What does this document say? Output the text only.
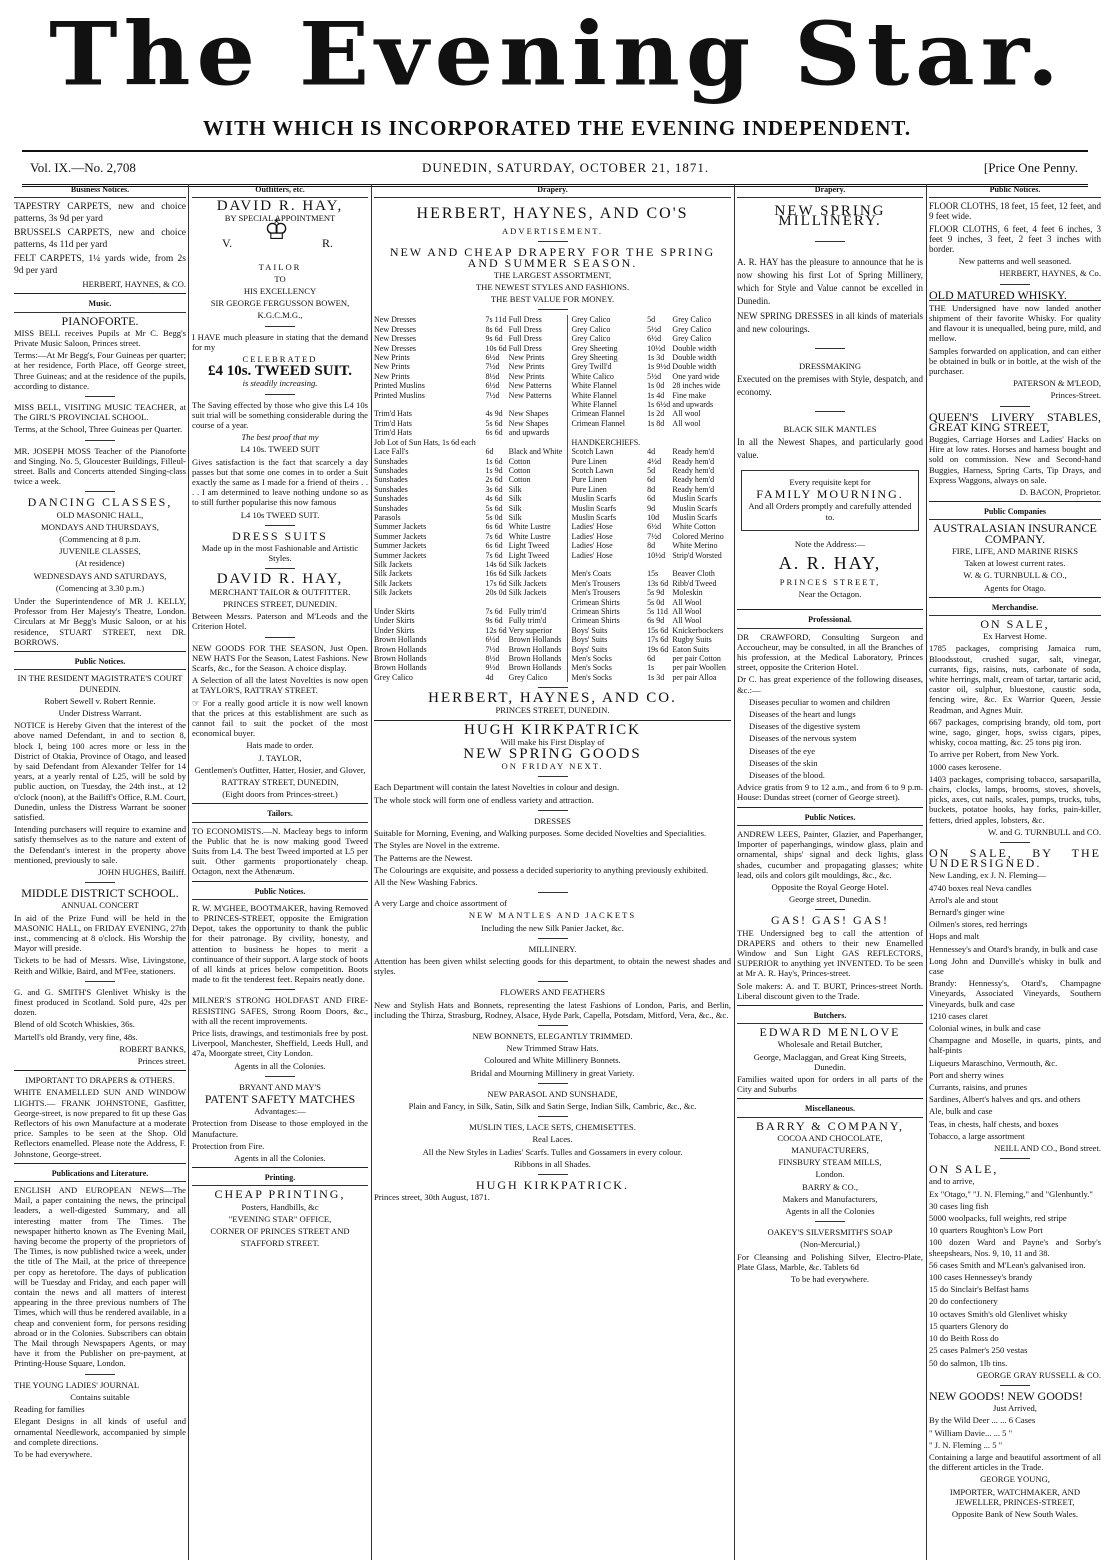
The Evening Star.
WITH WHICH IS INCORPORATED THE EVENING INDEPENDENT.
Vol. IX.—No. 2,708	DUNEDIN, SATURDAY, OCTOBER 21, 1871.	[Price One Penny.
Business Notices.

TAPESTRY CARPETS, new and choice patterns, 3s 9d per yard

BRUSSELS CARPETS, new and choice patterns, 4s 11d per yard

FELT CARPETS, 1¼ yards wide, from 2s 9d per yard

HERBERT, HAYNES, & CO.

Music.

PIANOFORTE.

MISS BELL receives Pupils at Mr C. Begg's Private Music Saloon, Princes street.

Terms:—At Mr Begg's, Four Guineas per quarter; at her residence, Forth Place, off George street, Three Guineas; and at the residence of the pupils, according to distance.

MISS BELL, VISITING MUSIC TEACHER, at The GIRL'S PROVINCIAL SCHOOL.

Terms, at the School, Three Guineas per Quarter.

MR. JOSEPH MOSS Teacher of the Pianoforte and Singing. No. 5, Gloucester Buildings, Filleul-street. Balls and Concerts attended Singing-class twice a week.

DANCING CLASSES,

OLD MASONIC HALL,

MONDAYS AND THURSDAYS,

(Commencing at 8 p.m.

JUVENILE CLASSES,

(At residence)

WEDNESDAYS AND SATURDAYS,

(Comencing at 3.30 p.m.)

Under the Superintendence of MR J. KELLY, Professor from Her Majesty's Theatre, London. Circulars at Mr Begg's Music Saloon, or at his residence, STUART STREET, next DR. BORROWS.

Public Notices.

IN THE RESIDENT MAGISTRATE'S COURT DUNEDIN.

Robert Sewell v. Robert Rennie.

Under Distress Warrant.

NOTICE is Hereby Given that the interest of the above named Defendant, in and to section 8, block I, being 100 acres more or less in the District of Otakia, Province of Otago, and leased by said Defendant from Alexander Telfer for 14 years, at a yearly rental of L25, will be sold by public auction, on Tuesday, the 24th inst., at 12 o'clock (noon), at the Bailiff's Office, R.M. Court, Dunedin, unless the Distress Warrant be sooner satisfied.

Intending purchasers will require to examine and satisfy themselves as to the nature and extent of the Defendant's interest in the property above mentioned, previously to sale.

JOHN HUGHES, Bailiff.

MIDDLE DISTRICT SCHOOL.

ANNUAL CONCERT

In aid of the Prize Fund will be held in the MASONIC HALL, on FRIDAY EVENING, 27th inst., commencing at 8 o'clock. His Worship the Mayor will preside.

Tickets to be had of Messrs. Wise, Livingstone, Reith and Wilkie, Baird, and M'Fee, stationers.

G. and G. SMITH'S Glenlivet Whisky is the finest produced in Scotland. Sold pure, 42s per dozen.

Blend of old Scotch Whiskies, 36s.

Martell's old Brandy, very fine, 48s.

ROBERT BANKS,

Princes street.

IMPORTANT TO DRAPERS & OTHERS.

WHITE ENAMELLED SUN AND WINDOW LIGHTS.— FRANK JOHNSTONE, Gasfitter, George-street, is now prepared to fit up these Gas Reflectors of his own Manufacture at a moderate price. Samples to be seen at the Shop. Old Reflectors enamelled. Please note the Address, F. Johnstone, George-street.

Publications and Literature.

ENGLISH AND EUROPEAN NEWS—The Mail, a paper containing the news, the principal leaders, a well-digested Summary, and all interesting matter from The Times. The newspaper hitherto known as The Evening Mail, having become the property of the proprietors of The Times, is now published twice a week, under the title of The Mail, at the price of threepence per copy as heretofore. The days of publication will be Tuesday and Friday, and each paper will contain the news and all matters of interest appearing in the three previous numbers of The Times, which will thus be rendered available, in a cheap and convenient form, for persons residing abroad or in the Colonies. Subscribers can obtain The Mail through Newspapers Agents, or may have it from the Publisher on pre-payment, at Printing-House Square, London.

THE YOUNG LADIES' JOURNAL

Contains suitable

Reading for families

Elegant Designs in all kinds of useful and ornamental Needlework, accompanied by simple and complete directions.

To be had everywhere.

Outfitters, etc.

DAVID R. HAY,

BY SPECIAL APPOINTMENT

V. ♔	R.

TAILOR

TO

HIS EXCELLENCY

SIR GEORGE FERGUSSON BOWEN,

K.G.C.M.G.,

I HAVE much pleasure in stating that the demand for my

CELEBRATED

£4 10s. TWEED SUIT.

is steadily increasing.

The Saving effected by those who give this L4 10s suit trial will be something considerable during the course of a year.

The best proof that my

L4 10s. TWEED SUIT

Gives satisfaction is the fact that scarcely a day passes but that some one comes in to order a Suit exactly the same as I made for a friend of theirs . . . . I am determined to leave nothing undone so as to still further popularise this now famous

L4 10s TWEED SUIT.

DRESS SUITS

Made up in the most Fashionable and Artistic Styles.

DAVID R. HAY,

MERCHANT TAILOR & OUTFITTER.

PRINCES STREET, DUNEDIN.

Between Messrs. Paterson and M'Leods and the Criterion Hotel.

NEW GOODS FOR THE SEASON, Just Open. NEW HATS For the Season, Latest Fashions. New Scarfs, &c., for the Season. A choice display.

A Selection of all the latest Novelties is now open at TAYLOR'S, RATTRAY STREET.

☞ For a really good article it is now well known that the prices at this establishment are such as cannot fail to suit the pocket of the most economical buyer.

Hats made to order.

J. TAYLOR,

Gentlemen's Outfitter, Hatter, Hosier, and Glover,

RATTRAY STREET, DUNEDIN,

(Eight doors from Princes-street.)

Tailors.

TO ECONOMISTS.—N. Macleay begs to inform the Public that he is now making good Tweed Suits from L4. The best Tweed imported at L5 per suit. Other garments proportionately cheap. Octagon, next the Athenæum.

Public Notices.

R. W. M'GHEE, BOOTMAKER, having Removed to PRINCES-STREET, opposite the Emigration Depot, takes the opportunity to thank the public for their patronage. By civility, honesty, and attention to business he hopes to merit a continuance of their support. A large stock of boots of all kinds at prices below competition. Boots made to fit the tenderest feet. Repairs neatly done.

MILNER'S STRONG HOLDFAST AND FIRE-RESISTING SAFES, Strong Room Doors, &c., with all the recent improvements.

Price lists, drawings, and testimonials free by post. Liverpool, Manchester, Sheffield, Leeds Hull, and 47a, Moorgate street, City London.

Agents in all the Colonies.

BRYANT AND MAY'S

PATENT SAFETY MATCHES

Advantages:—

Protection from Disease to those employed in the Manufacture.

Protection from Fire.

Agents in all the Colonies.

Printing.

CHEAP PRINTING,

Posters, Handbills, &c

"EVENING STAR" OFFICE,

CORNER OF PRINCES STREET AND

STAFFORD STREET.

Drapery.

HERBERT, HAYNES, AND CO'S

ADVERTISEMENT.

NEW AND CHEAP DRAPERY FOR THE SPRING AND SUMMER SEASON.

THE LARGEST ASSORTMENT,

THE NEWEST STYLES AND FASHIONS.

THE BEST VALUE FOR MONEY.

New Dresses	7s 11d	Full Dress	Grey Calico	5d	Grey Calico
New Dresses	8s 6d	Full Dress	Grey Calico	5½d	Grey Calico
New Dresses	9s 6d	Full Dress	Grey Calico	6½d	Grey Calico
New Dresses	10s 6d	Full Dress	Grey Sheeting	10½d	Double width
New Prints	6½d	New Prints	Grey Sheeting	1s 3d	Double width
New Prints	7½d	New Prints	Grey Twill'd	1s 9½d	Double width
New Prints	8½d	New Prints	White Calico	5½d	One yard wide
Printed Muslins	6½d	New Patterns	White Flannel	1s 0d	28 inches wide
Printed Muslins	7½d	New Patterns	White Flannel	1s 4d	Fine make
			White Flannel	1s 6½d	and upwards
Trim'd Hats	4s 9d	New Shapes	Crimean Flannel	1s 2d	All wool
Trim'd Hats	5s 6d	New Shapes	Crimean Flannel	1s 8d	All wool
Trim'd Hats	6s 6d	and upwards			
Job Lot of Sun Hats, 1s 6d each			HANDKERCHIEFS.		
Lace Fall's	6d	Black and White	Scotch Lawn	4d	Ready hem'd
Sunshades	1s 6d	Cotton	Pure Linen	4½d	Ready hem'd
Sunshades	1s 9d	Cotton	Scotch Lawn	5d	Ready hem'd
Sunshades	2s 6d	Cotton	Pure Linen	6d	Ready hem'd
Sunshades	3s 6d	Silk	Pure Linen	8d	Ready hem'd
Sunshades	4s 6d	Silk	Muslin Scarfs	6d	Muslin Scarfs
Sunshades	5s 6d	Silk	Muslin Scarfs	9d	Muslin Scarfs
Parasols	5s 0d	Silk	Muslin Scarfs	10d	Muslin Scarfs
Summer Jackets	6s 6d	White Lustre	Ladies' Hose	6½d	White Cotton
Summer Jackets	7s 6d	White Lustre	Ladies' Hose	7½d	Colored Merino
Summer Jackets	6s 6d	Light Tweed	Ladies' Hose	8d	White Merino
Summer Jackets	7s 6d	Light Tweed	Ladies' Hose	10½d	Strip'd Worsted
Silk Jackets	14s 6d	Silk Jackets			
Silk Jackets	16s 6d	Silk Jackets	Men's Coats	15s	Beaver Cloth
Silk Jackets	17s 6d	Silk Jackets	Men's Trousers	13s 6d	Ribb'd Tweed
Silk Jackets	20s 0d	Silk Jackets	Men's Trousers	5s 9d	Moleskin
			Crimean Shirts	5s 0d	All Wool
Under Skirts	7s 6d	Fully trim'd	Crimean Shirts	5s 11d	All Wool
Under Skirts	9s 6d	Fully trim'd	Crimean Shirts	6s 9d	All Wool
Under Skirts	12s 6d	Very superior	Boys' Suits	15s 6d	Knickerbockers
Brown Hollands	6½d	Brown Hollands	Boys' Suits	17s 6d	Rugby Suits
Brown Hollands	7½d	Brown Hollands	Boys' Suits	19s 6d	Eaton Suits
Brown Hollands	8½d	Brown Hollands	Men's Socks	6d	per pair Cotton
Brown Hollands	9½d	Brown Hollands	Men's Socks	1s	per pair Woollen
Grey Calico	4d	Grey Calico	Men's Socks	1s 3d	per pair Alloa

HERBERT, HAYNES, AND CO.

PRINCES STREET, DUNEDIN.

HUGH KIRKPATRICK

Will make his First Display of

NEW SPRING GOODS

ON FRIDAY NEXT.

Each Department will contain the latest Novelties in colour and design.

The whole stock will form one of endless variety and attraction.

DRESSES

Suitable for Morning, Evening, and Walking purposes. Some decided Novelties and Specialities.

The Styles are Novel in the extreme.

The Patterns are the Newest.

The Colourings are exquisite, and possess a decided superiority to anything previously exhibited.

All the New Washing Fabrics.

A very Large and choice assortment of

NEW MANTLES AND JACKETS

Including the new Silk Panier Jacket, &c.

MILLINERY.

Attention has been given whilst selecting goods for this department, to obtain the newest shades and styles.

FLOWERS AND FEATHERS

New and Stylish Hats and Bonnets, representing the latest Fashions of London, Paris, and Berlin, including the Thirza, Strasburg, Rodney, Alsace, Hyde Park, Capella, Potsdam, Mitford, Vera, &c., &c.

NEW BONNETS, ELEGANTLY TRIMMED.

New Trimmed Straw Hats.

Coloured and White Millinery Bonnets.

Bridal and Mourning Millinery in great Variety.

NEW PARASOL AND SUNSHADE,

Plain and Fancy, in Silk, Satin, Silk and Satin Serge, Indian Silk, Cambric, &c., &c.

MUSLIN TIES, LACE SETS, CHEMISETTES.

Real Laces.

All the New Styles in Ladies' Scarfs. Tulles and Gossamers in every colour.

Ribbons in all Shades.

HUGH KIRKPATRICK.

Princes street, 30th August, 1871.

Drapery.

NEW SPRING MILLINERY.

A. R. HAY has the pleasure to announce that he is now showing his first Lot of Spring Millinery, which for Style and Value cannot be excelled in Dunedin.

NEW SPRING DRESSES in all kinds of materials and new colourings.

DRESSMAKING

Executed on the premises with Style, despatch, and economy.

BLACK SILK MANTLES

In all the Newest Shapes, and particularly good value.

Every requisite kept for

FAMILY MOURNING.

And all Orders promptly and carefully attended to.

Note the Address:—

A. R. HAY,

PRINCES STREET,

Near the Octagon.

Professional.

DR CRAWFORD, Consulting Surgeon and Accoucheur, may be consulted, in all the Branches of his profession, at the Medical Laboratory, Princes street, opposite the Criterion Hotel.

Dr C. has great experience of the following diseases, &c.:—

Diseases peculiar to women and children

Diseases of the heart and lungs

Diseases of the digestive system

Diseases of the nervous system

Diseases of the eye

Diseases of the skin

Diseases of the blood.

Advice gratis from 9 to 12 a.m., and from 6 to 9 p.m. House: Dundas street (corner of George street).

Public Notices.

ANDREW LEES, Painter, Glazier, and Paperhanger, Importer of paperhangings, window glass, plain and ornamental, ships' signal and deck lights, glass shades, cucumber and propagating glasses; white lead, oils and colors gilt mouldings, &c., &c.

Opposite the Royal George Hotel.

George street, Dunedin.

GAS! GAS! GAS!

THE Undersigned beg to call the attention of DRAPERS and others to their new Enamelled Window and Sun Light GAS REFLECTORS, SUPERIOR to anything yet INVENTED. To be seen at Mr A. R. Hay's, Princes-street.

Sole makers: A. and T. BURT, Princes-street North. Liberal discount given to the Trade.

Butchers.

EDWARD MENLOVE

Wholesale and Retail Butcher,

George, Maclaggan, and Great King Streets, Dunedin.

Families waited upon for orders in all parts of the City and Suburbs

Miscellaneous.

BARRY & COMPANY,

COCOA AND CHOCOLATE,

MANUFACTURERS,

FINSBURY STEAM MILLS,

London.

BARRY & CO.,

Makers and Manufacturers,

Agents in all the Colonies

OAKEY'S SILVERSMITH'S SOAP

(Non-Mercurial,)

For Cleansing and Polishing Silver, Electro-Plate, Plate Glass, Marble, &c. Tablets 6d

To be had everywhere.

Public Notices.

FLOOR CLOTHS, 18 feet, 15 feet, 12 feet, and 9 feet wide.

FLOOR CLOTHS, 6 feet, 4 feet 6 inches, 3 feet 9 inches, 3 feet, 2 feet 3 inches with border.

New patterns and well seasoned.

HERBERT, HAYNES, & Co.

OLD MATURED WHISKY.

THE Undersigned have now landed another shipment of their favorite Whisky. For quality and flavour it is unequalled, being pure, mild, and mellow.

Samples forwarded on application, and can either be obtained in bulk or in bottle, at the wish of the purchaser.

PATERSON & M'LEOD,

Princes-Street.

QUEEN'S LIVERY STABLES, GREAT KING STREET,

Buggies, Carriage Horses and Ladies' Hacks on Hire at low rates. Horses and harness bought and sold on commission. New and Second-hand Buggies, Harness, Spring Carts, Tip Drays, and Express Waggons, always on sale.

D. BACON, Proprietor.

Public Companies

AUSTRALASIAN INSURANCE COMPANY.

FIRE, LIFE, AND MARINE RISKS

Taken at lowest current rates.

W. & G. TURNBULL & CO.,

Agents for Otago.

Merchandise.

ON SALE,

Ex Harvest Home.

1785 packages, comprising Jamaica rum, Bloodsstout, crushed sugar, salt, vinegar, currants, figs, raisins, nuts, carbonate of soda, white herrings, malt, cream of tartar, tartaric acid, castor oil, sulphur, bluestone, caustic soda, fencing wire, &c. Ex Warrior Queen, Jessie Readman, and Agnes Muir.

667 packages, comprising brandy, old tom, port wine, sago, ginger, hops, swiss cigars, pipes, whisky, cocoa matting, &c. 25 tons pig iron.

To arrive per Robert, from New York.

1000 cases kerosene.

1403 packages, comprising tobacco, sarsaparilla, chairs, clocks, lamps, brooms, stoves, shovels, picks, axes, cut nails, scales, pumps, trucks, tubs, buckets, potatoe hooks, hay forks, pain-killer, fetters, dried apples, lobsters, &c.

W. and G. TURNBULL and CO.

ON SALE, BY THE UNDERSIGNED.

New Landing, ex J. N. Fleming—

4740 boxes real Neva candles

Arrol's ale and stout

Bernard's ginger wine

Oilmen's stores, red herrings

Hops and malt

Hennessey's and Otard's brandy, in bulk and case

Long John and Dunville's whisky in bulk and case

Brandy: Hennessy's, Otard's, Champagne Vineyards, Associated Vineyards, Southern Vineyards, bulk and case

1210 cases claret

Colonial wines, in bulk and case

Champagne and Moselle, in quarts, pints, and half-pints

Liqueurs Maraschino, Vermouth, &c.

Port and sherry wines

Currants, raisins, and prunes

Sardines, Albert's halves and qrs. and others

Ale, bulk and case

Teas, in chests, half chests, and boxes

Tobacco, a large assortment

NEILL AND CO., Bond street.

ON SALE,

and to arrive,

Ex "Otago," "J. N. Fleming," and "Glenhuntly."

30 cases ling fish

5000 woolpacks, full weights, red stripe

10 quarters Roughton's Low Port

100 dozen Ward and Payne's and Sorby's sheepshears, Nos. 9, 10, 11 and 38.

56 cases Smith and M'Lean's galvanised iron.

100 cases Hennessey's brandy

15 do Sinclair's Belfast hams

20 do confectionery

10 octaves Smith's old Glenlivet whisky

15 quarters Glenory do

10 do Beith Ross do

25 cases Palmer's 250 vestas

50 do salmon, 1lb tins.

GEORGE GRAY RUSSELL & CO.

NEW GOODS! NEW GOODS!

Just Arrived,

By the Wild Deer ... ... 6 Cases

" William Davie... ... 5 "

" J. N. Fleming ... 5 "

Containing a large and beautiful assortment of all the different articles in the Trade.

GEORGE YOUNG,

IMPORTER, WATCHMAKER, AND JEWELLER, PRINCES-STREET,

Opposite Bank of New South Wales.
